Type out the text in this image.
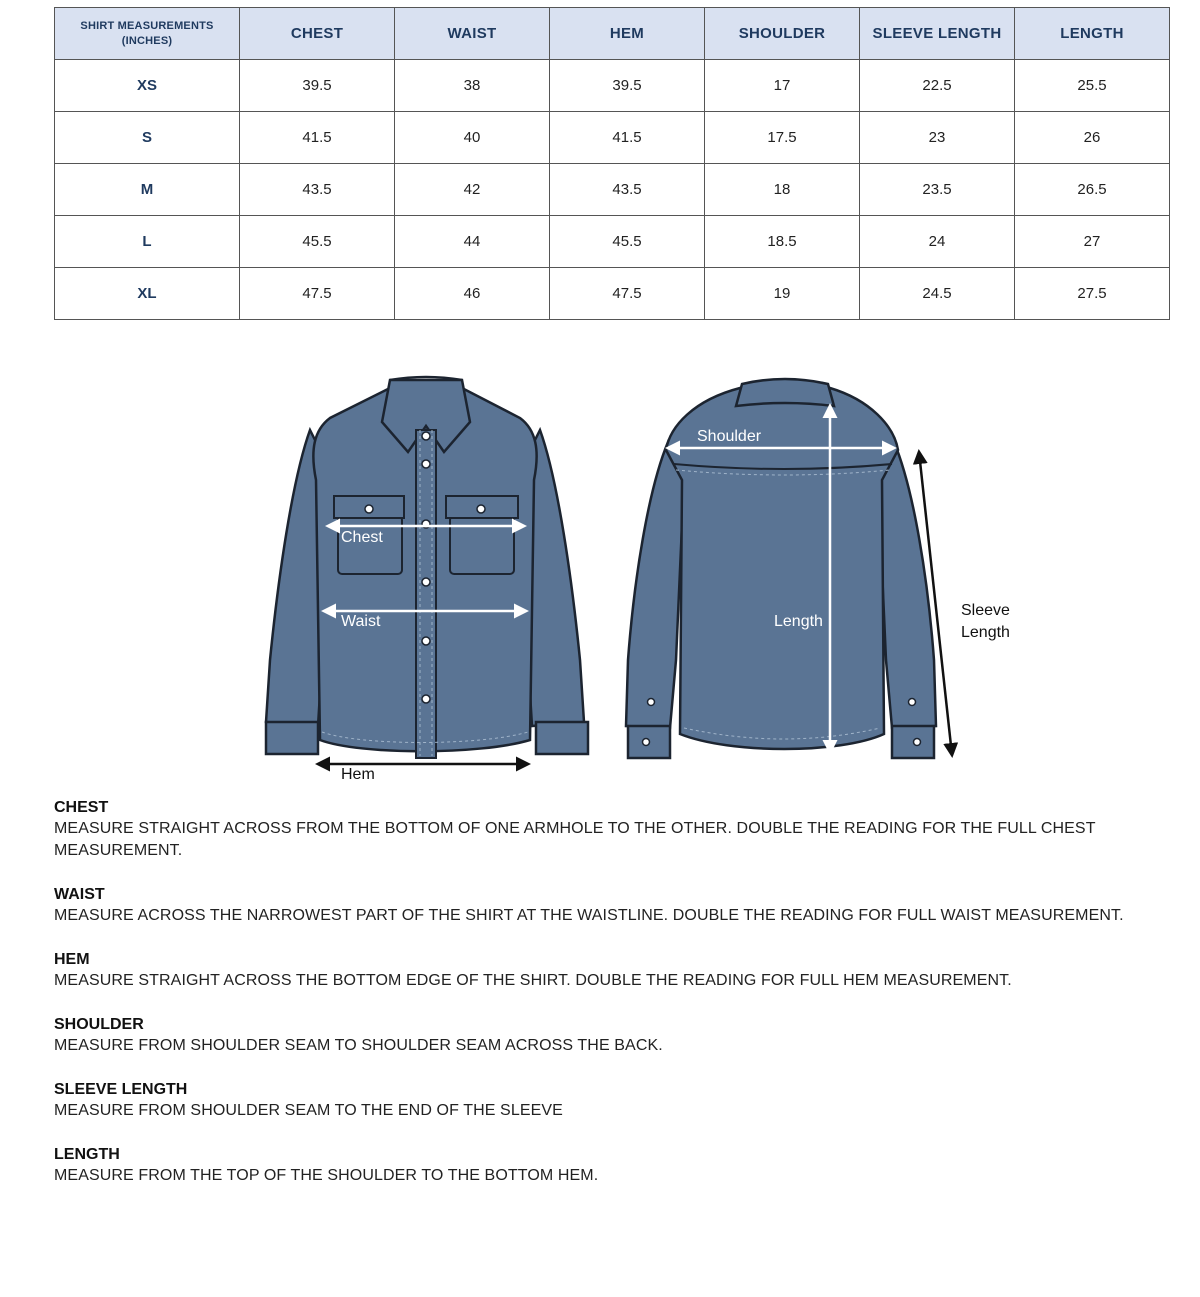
SHIRT MEASUREMENTS
(INCHES)	CHEST	WAIST	HEM	SHOULDER	SLEEVE LENGTH	LENGTH
XS	39.5	38	39.5	17	22.5	25.5
S	41.5	40	41.5	17.5	23	26
M	43.5	42	43.5	18	23.5	26.5
L	45.5	44	45.5	18.5	24	27
XL	47.5	46	47.5	19	24.5	27.5
Chest
Waist
Hem
Shoulder
Length
Sleeve
Length
CHEST
MEASURE STRAIGHT ACROSS FROM THE BOTTOM OF ONE ARMHOLE TO THE OTHER. DOUBLE THE READING FOR THE FULL CHEST MEASUREMENT.
WAIST
MEASURE ACROSS THE NARROWEST PART OF THE SHIRT AT THE WAISTLINE. DOUBLE THE READING FOR FULL WAIST MEASUREMENT.
HEM
MEASURE STRAIGHT ACROSS THE BOTTOM EDGE OF THE SHIRT. DOUBLE THE READING FOR FULL HEM MEASUREMENT.
SHOULDER
MEASURE FROM SHOULDER SEAM TO SHOULDER SEAM ACROSS THE BACK.
SLEEVE LENGTH
MEASURE FROM SHOULDER SEAM TO THE END OF THE SLEEVE
LENGTH
MEASURE FROM THE TOP OF THE SHOULDER TO THE BOTTOM HEM.
